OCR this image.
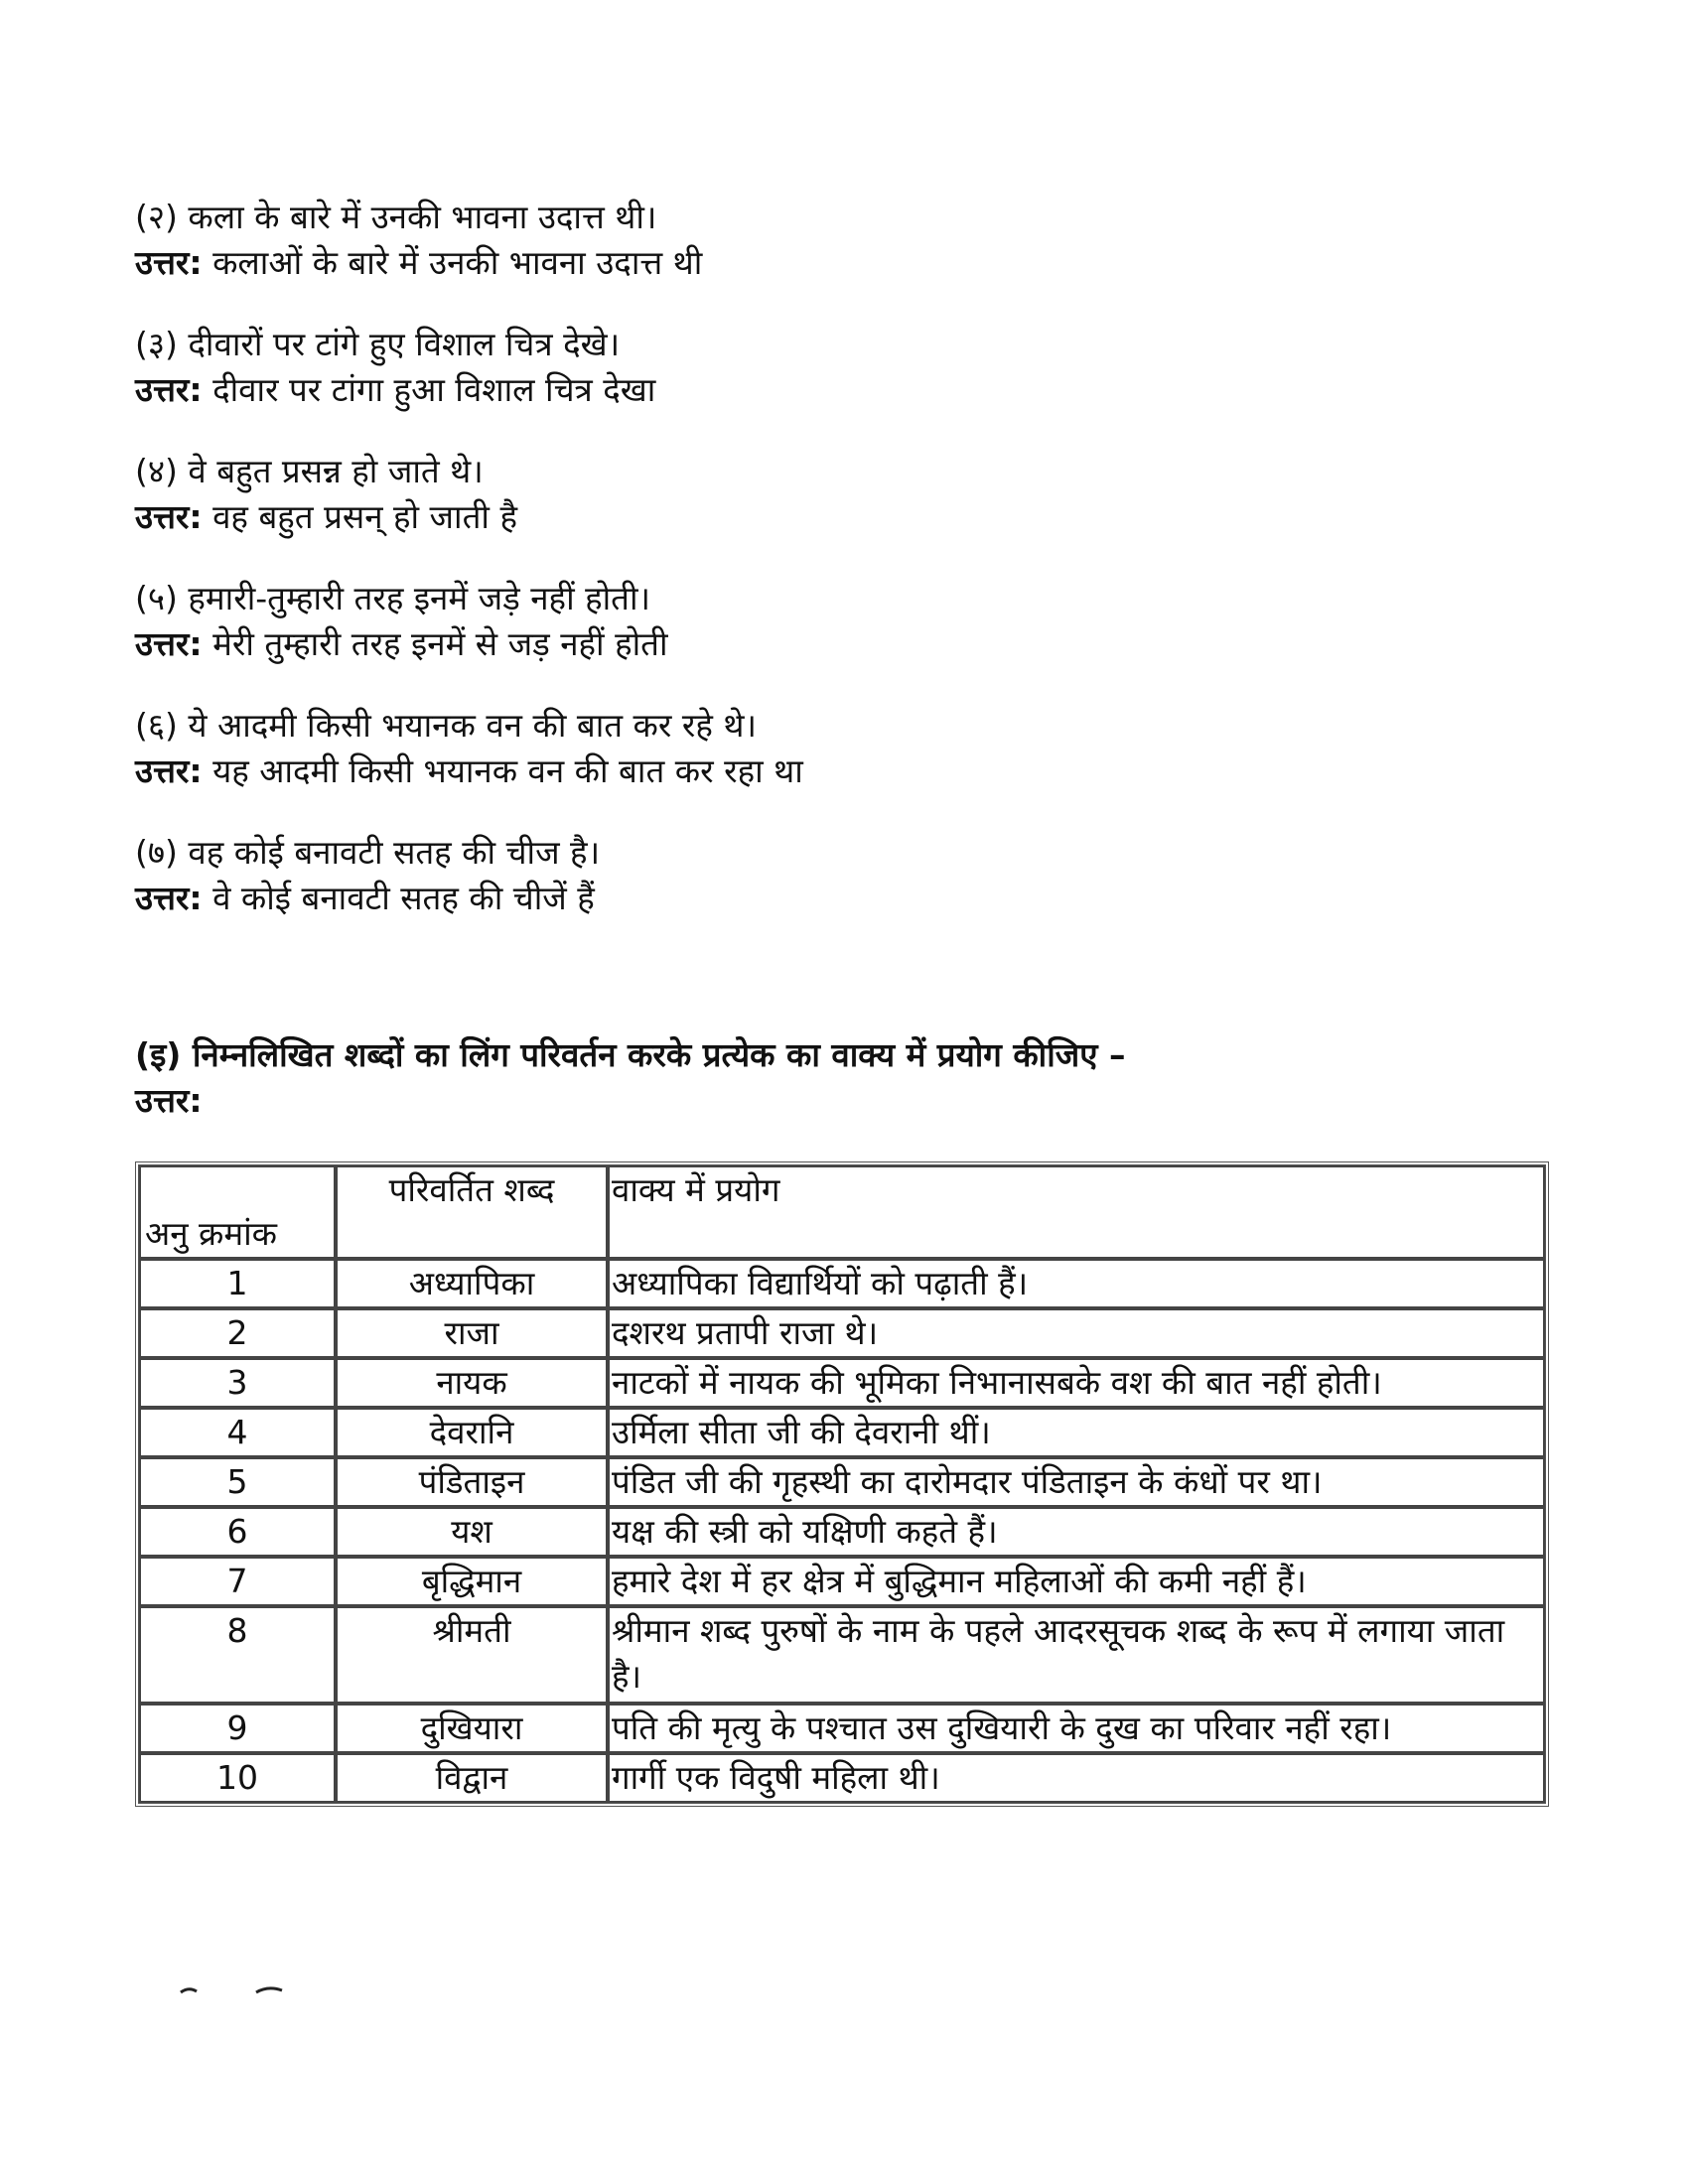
(२) कला के बारे में उनकी भावना उदात्त थी।
उत्तर: कलाओं के बारे में उनकी भावना उदात्त थी
(३) दीवारों पर टांगे हुए विशाल चित्र देखे।
उत्तर: दीवार पर टांगा हुआ विशाल चित्र देखा
(४) वे बहुत प्रसन्न हो जाते थे।
उत्तर: वह बहुत प्रसन् हो जाती है
(५) हमारी-तुम्हारी तरह इनमें जड़े नहीं होती।
उत्तर: मेरी तुम्हारी तरह इनमें से जड़ नहीं होती
(६) ये आदमी किसी भयानक वन की बात कर रहे थे।
उत्तर: यह आदमी किसी भयानक वन की बात कर रहा था
(७) वह कोई बनावटी सतह की चीज है।
उत्तर: वे कोई बनावटी सतह की चीजें हैं
(इ) निम्नलिखित शब्दों का लिंग परिवर्तन करके प्रत्येक का वाक्य में प्रयोग कीजिए –
उत्तर:
अनु क्रमांक	परिवर्तित शब्द	वाक्य में प्रयोग
1	अध्यापिका	अध्यापिका विद्यार्थियों को पढ़ाती हैं।
2	राजा	दशरथ प्रतापी राजा थे।
3	नायक	नाटकों में नायक की भूमिका निभानासबके वश की बात नहीं होती।
4	देवरानि	उर्मिला सीता जी की देवरानी थीं।
5	पंडिताइन	पंडित जी की गृहस्थी का दारोमदार पंडिताइन के कंधों पर था।
6	यश	यक्ष की स्त्री को यक्षिणी कहते हैं।
7	बृद्धिमान	हमारे देश में हर क्षेत्र में बुद्धिमान महिलाओं की कमी नहीं हैं।
8	श्रीमती	श्रीमान शब्द पुरुषों के नाम के पहले आदरसूचक शब्द के रूप में लगाया जाता है।
9	दुखियारा	पति की मृत्यु के पश्चात उस दुखियारी के दुख का परिवार नहीं रहा।
10	विद्वान	गार्गी एक विदुषी महिला थी।
